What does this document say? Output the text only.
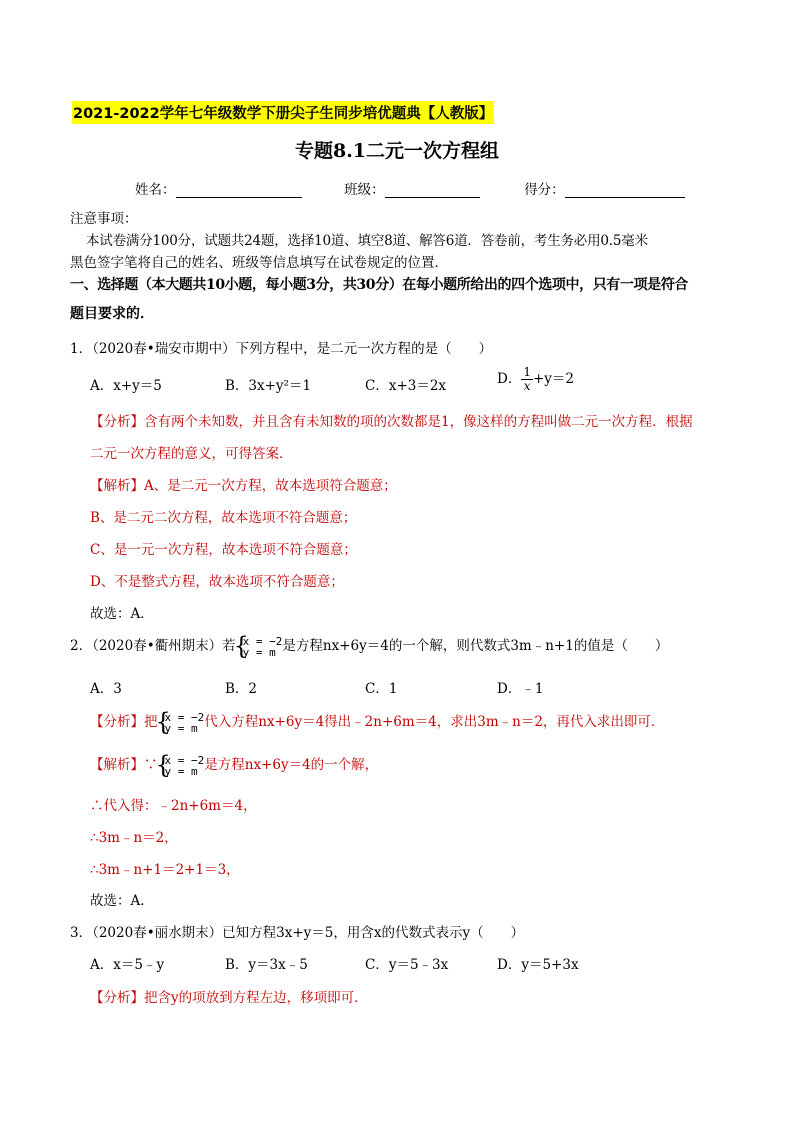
2021-2022学年七年级数学下册尖子生同步培优题典【人教版】
专题8.1二元一次方程组
姓名：	班级：	得分：
注意事项：
本试卷满分100分，试题共24题，选择10道、填空8道、解答6道．答卷前，考生务必用0.5毫米
黑色签字笔将自己的姓名、班级等信息填写在试卷规定的位置．
一、选择题（本大题共10小题，每小题3分，共30分）在每小题所给出的四个选项中，只有一项是符合
题目要求的．
1．（2020春•瑞安市期中）下列方程中，是二元一次方程的是（　　）
A．x+y＝5	B．3x+y²＝1	C．x+3＝2x	D． $\frac{1}{x} +y=2$
【分析】含有两个未知数，并且含有未知数的项的次数都是1，像这样的方程叫做二元一次方程．根据
二元一次方程的意义，可得答案．
【解析】A、是二元一次方程，故本选项符合题意；
B、是二元二次方程，故本选项不符合题意；
C、是一元一次方程，故本选项不符合题意；
D、不是整式方程，故本选项不符合题意；
故选：A．
2．（2020春•衢州期末）若 { x = −2
y = m 是方程nx+6y＝4的一个解，则代数式3m﹣n+1的值是（　　）
A．3	B．2	C．1	D．﹣1
【分析】把 { x = −2
y = m 代入方程nx+6y＝4得出﹣2n+6m＝4，求出3m﹣n＝2，再代入求出即可．
【解析】∵ { x = −2
y = m 是方程nx+6y＝4的一个解，
∴代入得：﹣2n+6m＝4，
∴3m﹣n＝2，
∴3m﹣n+1＝2+1＝3，
故选：A．
3．（2020春•丽水期末）已知方程3x+y＝5，用含x的代数式表示y（　　）
A．x＝5﹣y	B．y＝3x﹣5	C．y＝5﹣3x	D．y＝5+3x
【分析】把含y的项放到方程左边，移项即可．
